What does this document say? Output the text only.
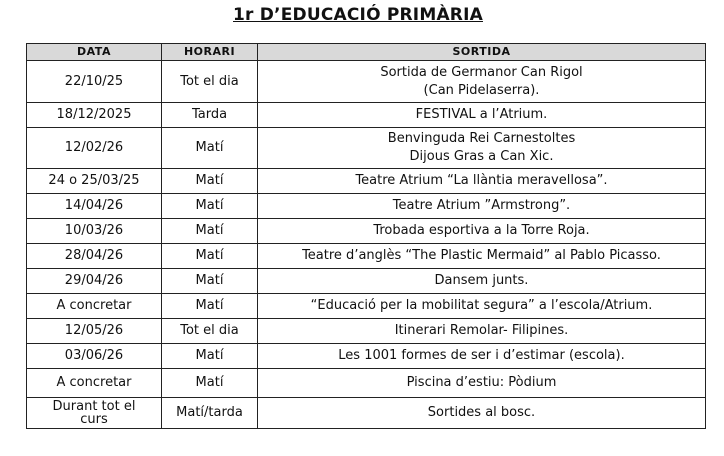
1r D’EDUCACIÓ PRIMÀRIA
DATA	HORARI	SORTIDA
22/10/25	Tot el dia	Sortida de Germanor Can Rigol
(Can Pidelaserra).
18/12/2025	Tarda	FESTIVAL a l’Atrium.
12/02/26	Matí	Benvinguda Rei Carnestoltes
Dijous Gras a Can Xic.
24 o 25/03/25	Matí	Teatre Atrium “La llàntia meravellosa”.
14/04/26	Matí	Teatre Atrium ”Armstrong”.
10/03/26	Matí	Trobada esportiva a la Torre Roja.
28/04/26	Matí	Teatre d’anglès “The Plastic Mermaid” al Pablo Picasso.
29/04/26	Matí	Dansem junts.
A concretar	Matí	“Educació per la mobilitat segura” a l’escola/Atrium.
12/05/26	Tot el dia	Itinerari Remolar- Filipines.
03/06/26	Matí	Les 1001 formes de ser i d’estimar (escola).
A concretar	Matí	Piscina d’estiu: Pòdium
Durant tot el
curs	Matí/tarda	Sortides al bosc.
